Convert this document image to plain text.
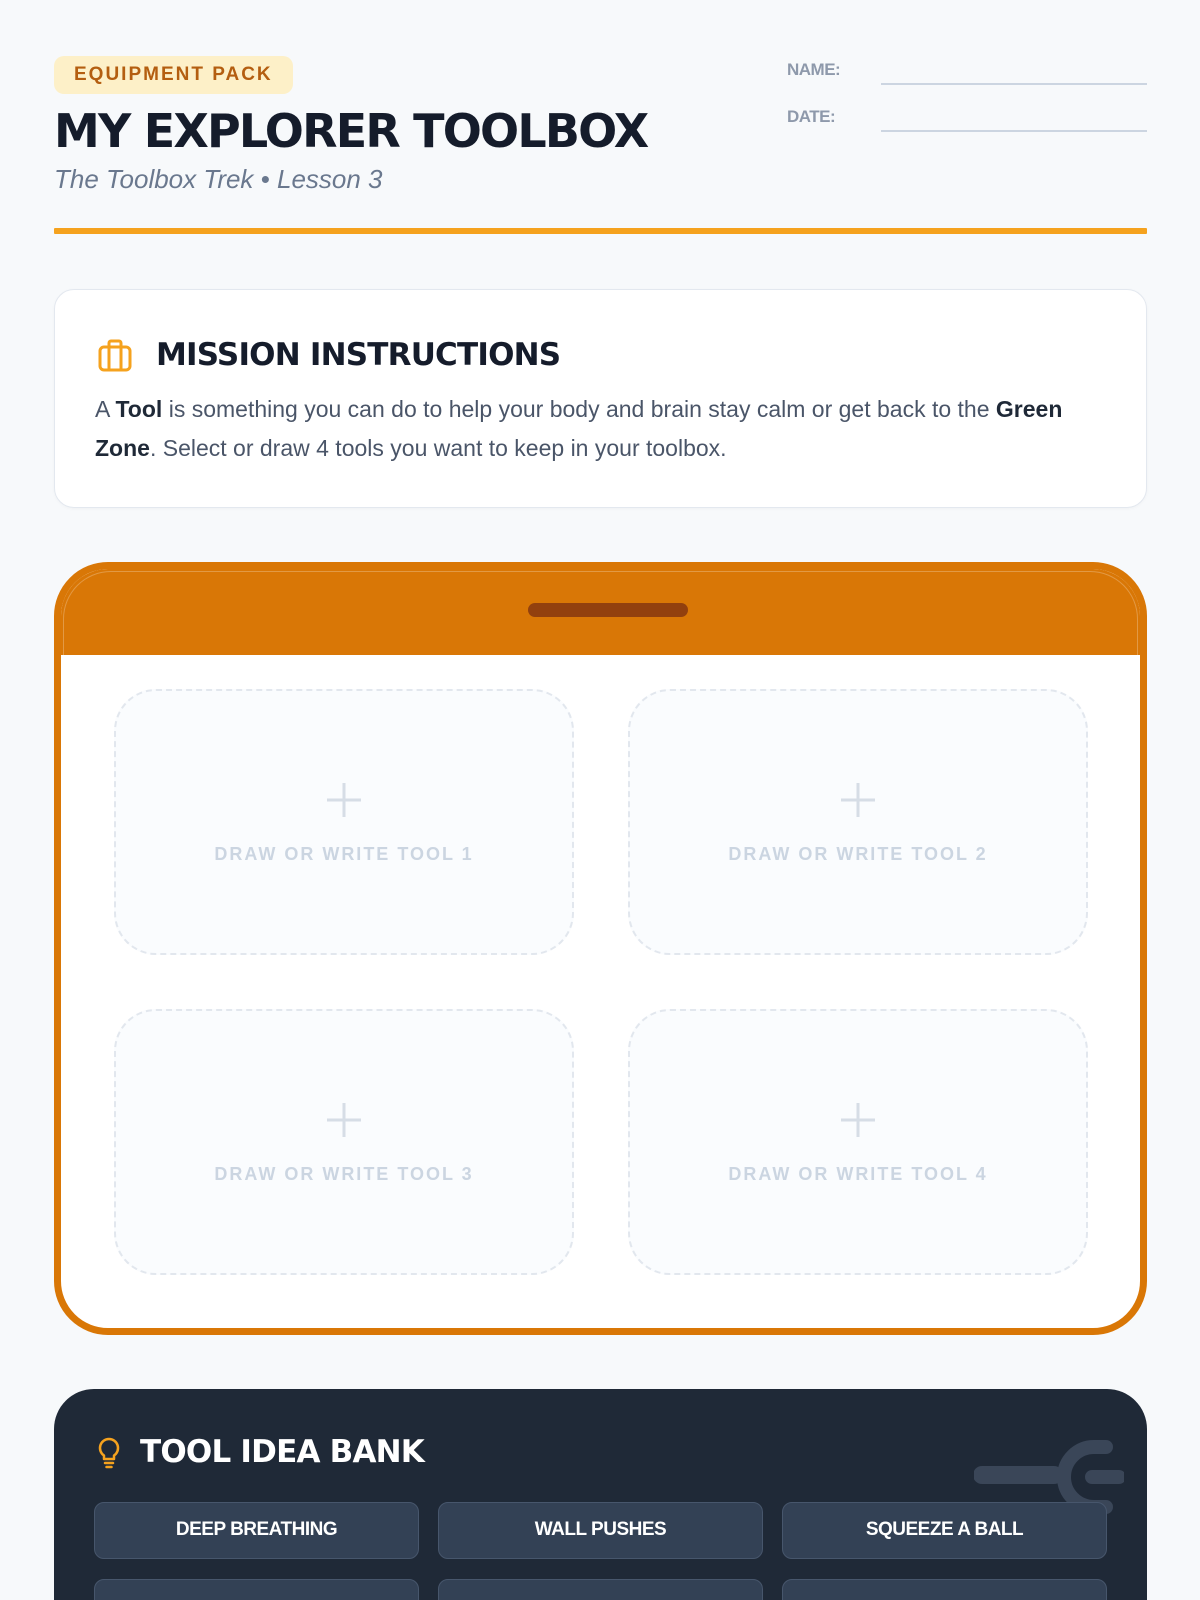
EQUIPMENT PACK
MY EXPLORER TOOLBOX
The Toolbox Trek • Lesson 3
NAME:
DATE:
MISSION INSTRUCTIONS

A Tool is something you can do to help your body and brain stay calm or get back to the Green Zone. Select or draw 4 tools you want to keep in your toolbox.

DRAW OR WRITE TOOL 1	DRAW OR WRITE TOOL 2
DRAW OR WRITE TOOL 3	DRAW OR WRITE TOOL 4
TOOL IDEA BANK
DEEP BREATHING	WALL PUSHES	SQUEEZE A BALL
